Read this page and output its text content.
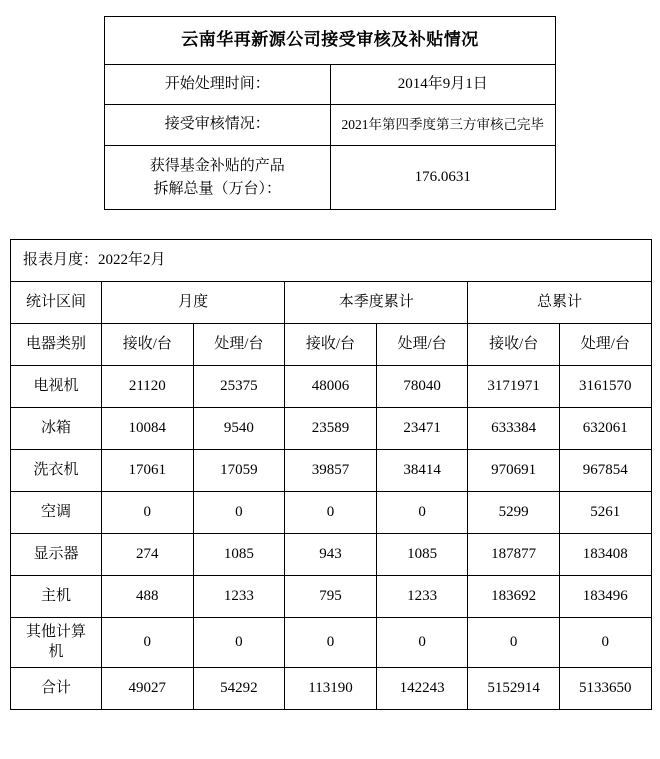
云南华再新源公司接受审核及补贴情况	
开始处理时间：	2014年9月1日
接受审核情况：	2021年第四季度第三方审核己完毕

获得基金补贴的产品
拆解总量（万台）：	176.0631
报表月度：2022年2月						
统计区间	月度		本季度累计		总累计	
电器类别	接收/台	处理/台	接收/台	处理/台	接收/台	处理/台
电视机	21120	25375	48006	78040	3171971	3161570
冰箱	10084	9540	23589	23471	633384	632061
洗衣机	17061	17059	39857	38414	970691	967854
空调	0	0	0	0	5299	5261
显示器	274	1085	943	1085	187877	183408
主机	488	1233	795	1233	183692	183496
其他计算
机	0	0	0	0	0	0
合计	49027	54292	113190	142243	5152914	5133650
